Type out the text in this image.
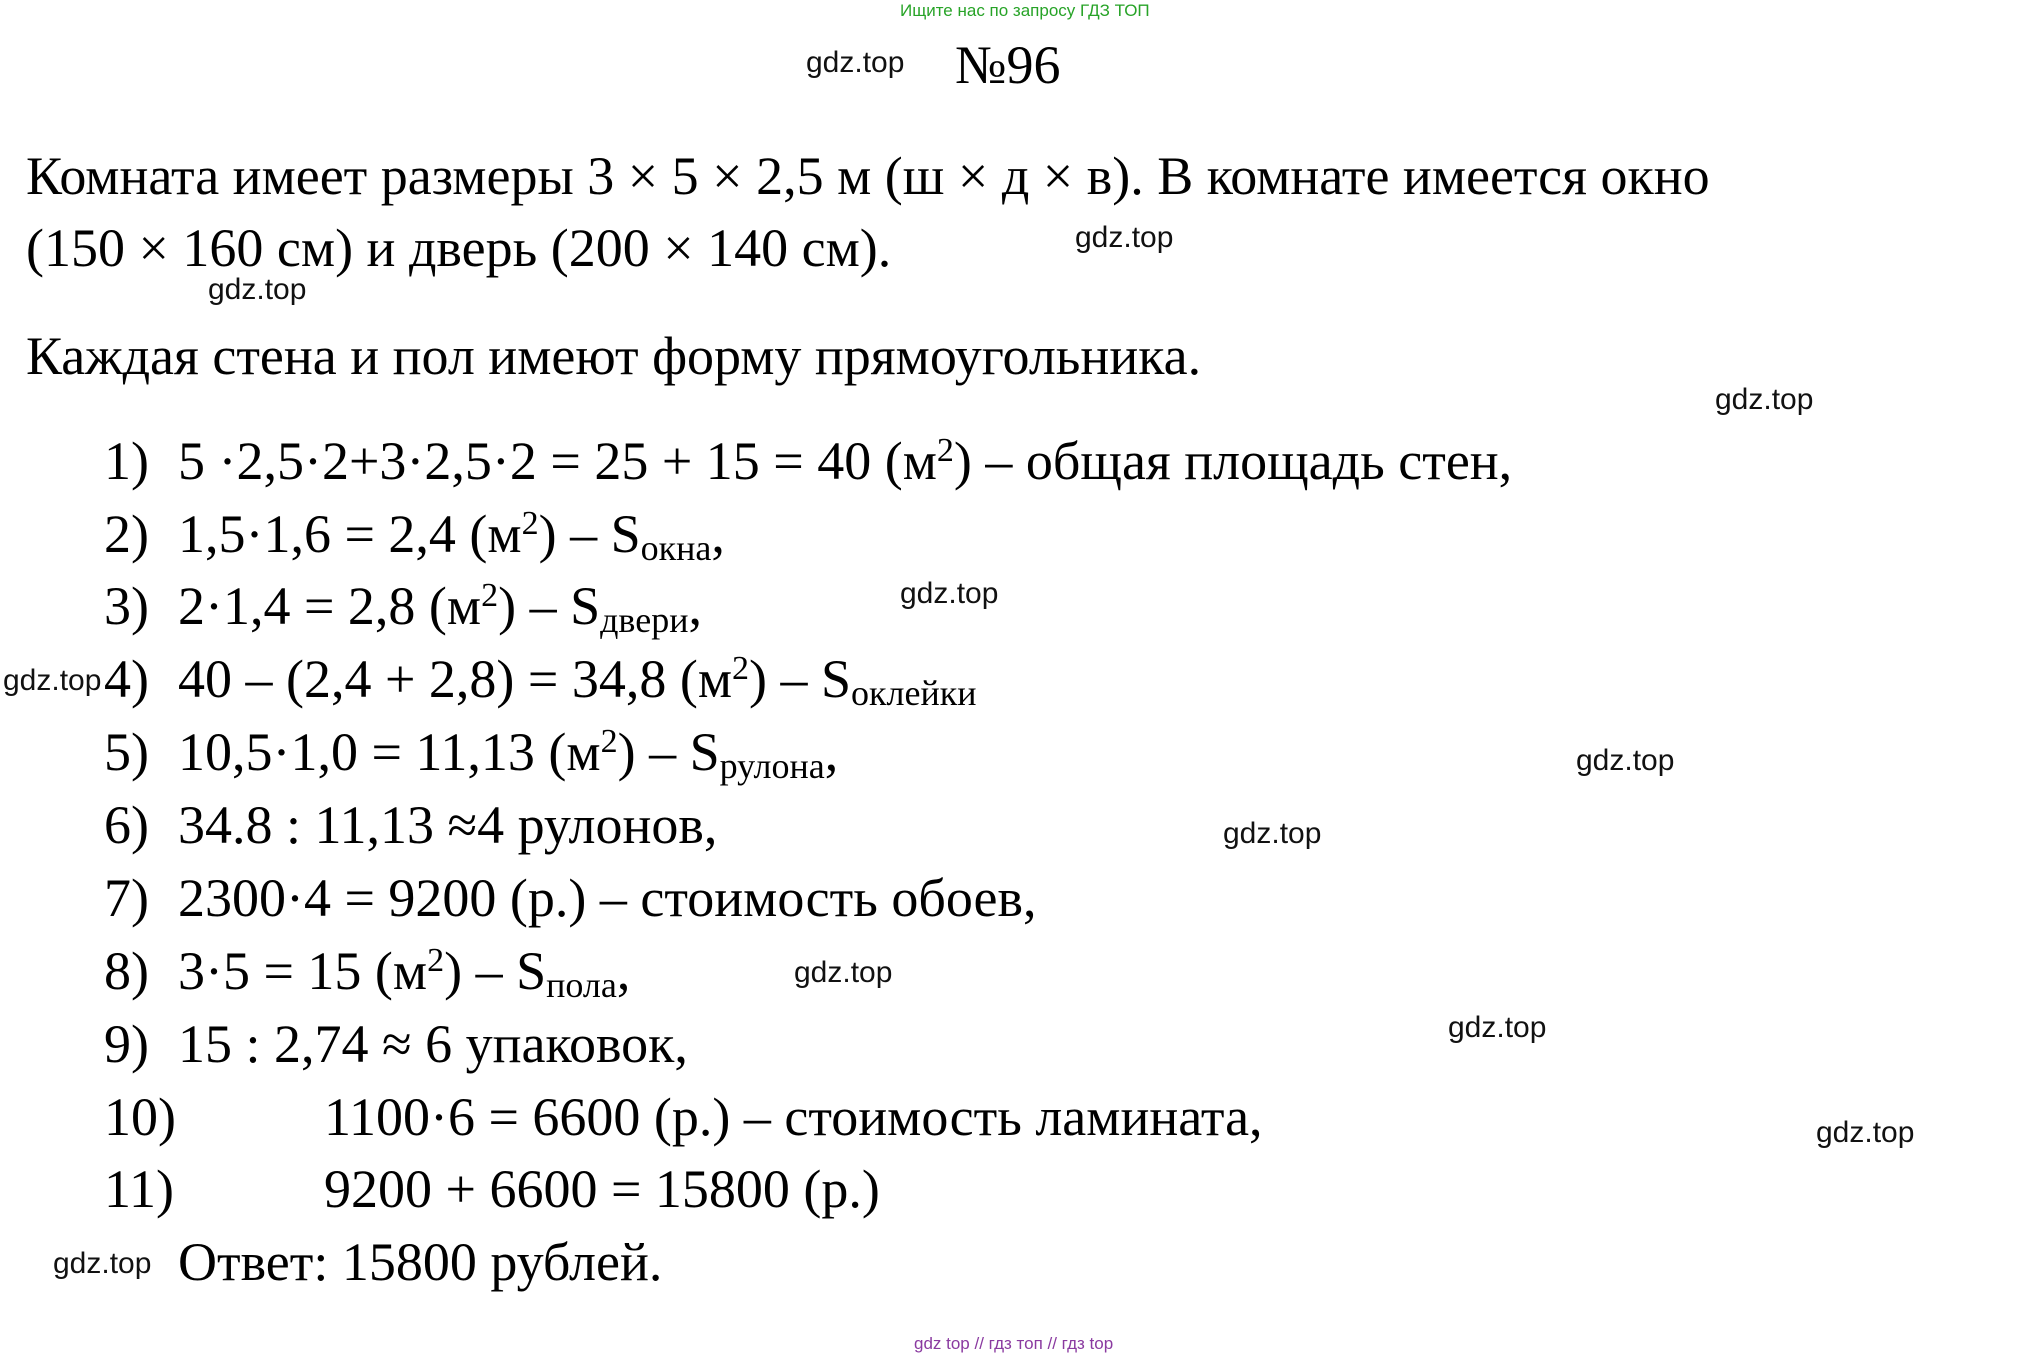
Ищите нас по запросу ГДЗ ТОП
gdz.top №96
Комната имеет размеры 3 × 5 × 2,5 м (ш × д × в). В комнате имеется окно
(150 × 160 см) и дверь (200 × 140 см).
Каждая стена и пол имеют форму прямоугольника.
gdz.top
gdz.top
gdz.top
gdz.top
gdz.top
gdz.top
gdz.top
gdz.top
gdz.top
gdz.top
gdz.top
1) 5 ·2,5·2+3·2,5·2 = 25 + 15 = 40 $(м^2)$ – общая площадь стен,
2) 1,5·1,6 = 2,4 $(м^2) - S_{окна}$,
3) 2·1,4 = 2,8 $(м^2) - S_{двери}$,
4) 40 – (2,4 + 2,8) = 34,8 $(м^2) - S_{оклейки}$
5) 10,5·1,0 = 11,13 $(м^2) - S_{рулона}$,
6) 34.8 : 11,13 ≈4 рулонов,
7) 2300·4 = 9200 (р.) – стоимость обоев,
8) 3·5 = 15 $(м^2) - S_{пола}$,
9) 15 : 2,74 ≈ 6 упаковок,
10)	1100·6 = 6600 (р.) – стоимость ламината,
11)	9200 + 6600 = 15800 (р.)
Ответ: 15800 рублей.
gdz top // гдз топ // гдз top
